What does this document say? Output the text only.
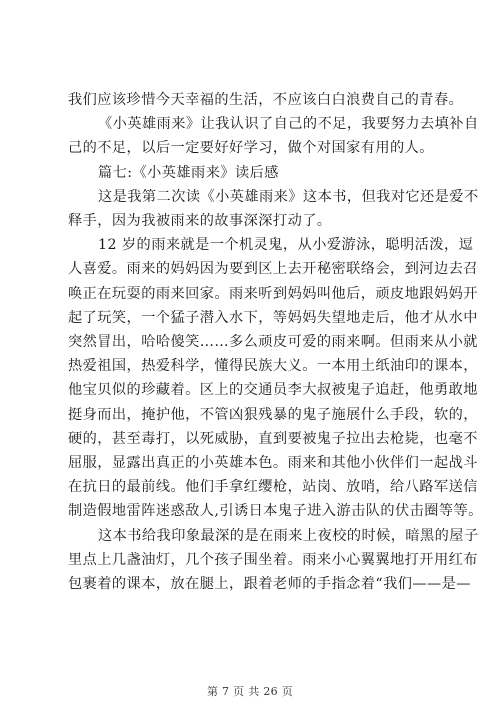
我们应该珍惜今天幸福的生活，不应该白白浪费自己的青春。
《小英雄雨来》让我认识了自己的不足，我要努力去填补自
己的不足，以后一定要好好学习，做个对国家有用的人。
篇七:《小英雄雨来》读后感
这是我第二次读《小英雄雨来》这本书，但我对它还是爱不
释手，因为我被雨来的故事深深打动了。
12 岁的雨来就是一个机灵鬼，从小爱游泳，聪明活泼，逗
人喜爱。雨来的妈妈因为要到区上去开秘密联络会，到河边去召
唤正在玩耍的雨来回家。雨来听到妈妈叫他后，顽皮地跟妈妈开
起了玩笑，一个猛子潜入水下，等妈妈失望地走后，他才从水中
突然冒出，哈哈傻笑……多么顽皮可爱的雨来啊。但雨来从小就
热爱祖国，热爱科学，懂得民族大义。一本用土纸油印的课本，
他宝贝似的珍藏着。区上的交通员李大叔被鬼子追赶，他勇敢地
挺身而出，掩护他，不管凶狠残暴的鬼子施展什么手段，软的，
硬的，甚至毒打，以死威胁，直到要被鬼子拉出去枪毙，也毫不
屈服，显露出真正的小英雄本色。雨来和其他小伙伴们一起战斗
在抗日的最前线。他们手拿红缨枪，站岗、放哨，给八路军送信
制造假地雷阵迷惑敌人,引诱日本鬼子进入游击队的伏击圈等等。
这本书给我印象最深的是在雨来上夜校的时候，暗黑的屋子
里点上几盏油灯，几个孩子围坐着。雨来小心翼翼地打开用红布
包裹着的课本，放在腿上，跟着老师的手指念着“我们——是—
第 7 页 共 26 页
